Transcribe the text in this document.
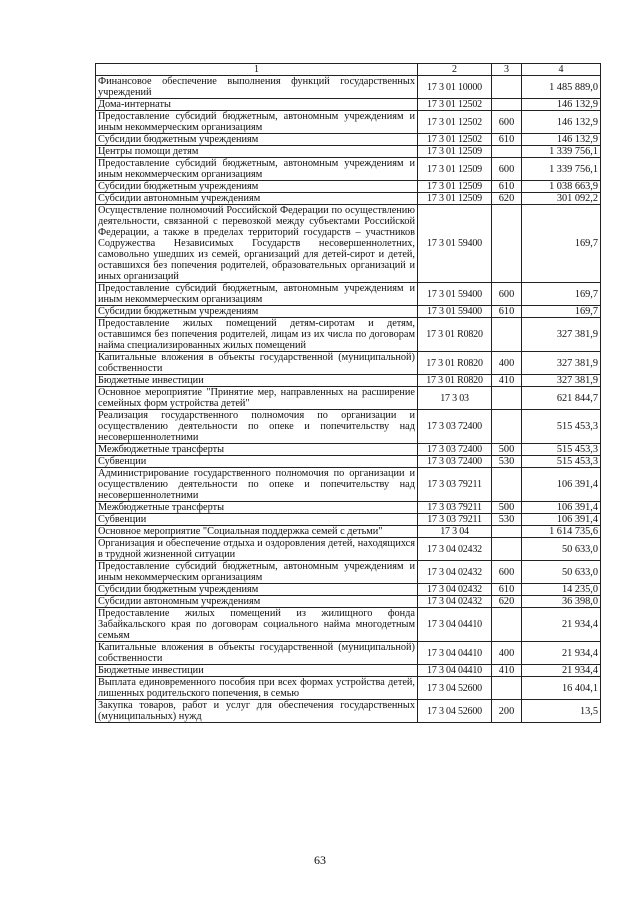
1	2	3	4
Финансовое обеспечение выполнения функций государственных учреждений	17 3 01 10000		1 485 889,0
Дома-интернаты	17 3 01 12502		146 132,9
Предоставление субсидий бюджетным, автономным учреждениям и иным некоммерческим организациям	17 3 01 12502	600	146 132,9
Субсидии бюджетным учреждениям	17 3 01 12502	610	146 132,9
Центры помощи детям	17 3 01 12509		1 339 756,1
Предоставление субсидий бюджетным, автономным учреждениям и иным некоммерческим организациям	17 3 01 12509	600	1 339 756,1
Субсидии бюджетным учреждениям	17 3 01 12509	610	1 038 663,9
Субсидии автономным учреждениям	17 3 01 12509	620	301 092,2
Осуществление полномочий Российской Федерации по осуществлению деятельности, связанной с перевозкой между субъектами Российской Федерации, а также в пределах территорий государств – участников Содружества Независимых Государств несовершеннолетних, самовольно ушедших из семей, организаций для детей-сирот и детей, оставшихся без попечения родителей, образовательных организаций и иных организаций	17 3 01 59400		169,7
Предоставление субсидий бюджетным, автономным учреждениям и иным некоммерческим организациям	17 3 01 59400	600	169,7
Субсидии бюджетным учреждениям	17 3 01 59400	610	169,7
Предоставление жилых помещений детям-сиротам и детям, оставшимся без попечения родителей, лицам из их числа по договорам найма специализированных жилых помещений	17 3 01 R0820		327 381,9
Капитальные вложения в объекты государственной (муниципальной) собственности	17 3 01 R0820	400	327 381,9
Бюджетные инвестиции	17 3 01 R0820	410	327 381,9
Основное мероприятие "Принятие мер, направленных на расширение семейных форм устройства детей"	17 3 03		621 844,7
Реализация государственного полномочия по организации и осуществлению деятельности по опеке и попечительству над несовершеннолетними	17 3 03 72400		515 453,3
Межбюджетные трансферты	17 3 03 72400	500	515 453,3
Субвенции	17 3 03 72400	530	515 453,3
Администрирование государственного полномочия по организации и осуществлению деятельности по опеке и попечительству над несовершеннолетними	17 3 03 79211		106 391,4
Межбюджетные трансферты	17 3 03 79211	500	106 391,4
Субвенции	17 3 03 79211	530	106 391,4
Основное мероприятие "Социальная поддержка семей с детьми"	17 3 04		1 614 735,6
Организация и обеспечение отдыха и оздоровления детей, находящихся в трудной жизненной ситуации	17 3 04 02432		50 633,0
Предоставление субсидий бюджетным, автономным учреждениям и иным некоммерческим организациям	17 3 04 02432	600	50 633,0
Субсидии бюджетным учреждениям	17 3 04 02432	610	14 235,0
Субсидии автономным учреждениям	17 3 04 02432	620	36 398,0
Предоставление жилых помещений из жилищного фонда Забайкальского края по договорам социального найма многодетным семьям	17 3 04 04410		21 934,4
Капитальные вложения в объекты государственной (муниципальной) собственности	17 3 04 04410	400	21 934,4
Бюджетные инвестиции	17 3 04 04410	410	21 934,4
Выплата единовременного пособия при всех формах устройства детей, лишенных родительского попечения, в семью	17 3 04 52600		16 404,1
Закупка товаров, работ и услуг для обеспечения государственных (муниципальных) нужд	17 3 04 52600	200	13,5
63
